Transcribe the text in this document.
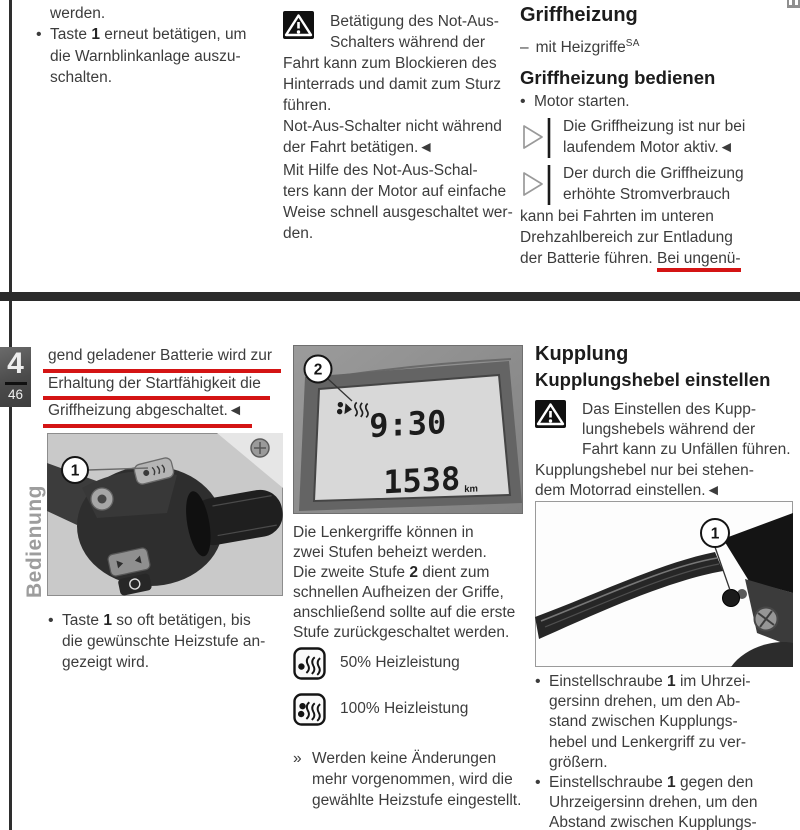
werden.
• Taste 1 erneut betätigen, um
die Warnblinkanlage auszu-
schalten.
Betätigung des Not-Aus-
Schalters während der
Fahrt kann zum Blockieren des
Hinterrads und damit zum Sturz
führen.
Not-Aus-Schalter nicht während
der Fahrt betätigen.◄
Mit Hilfe des Not-Aus-Schal-
ters kann der Motor auf einfache
Weise schnell ausgeschaltet wer-
den.
Griffheizung
– mit Heizgriffe$^{SA}$
Griffheizung bedienen
• Motor starten.
Die Griffheizung ist nur bei
laufendem Motor aktiv.◄
Der durch die Griffheizung
erhöhte Stromverbrauch
kann bei Fahrten im unteren
Drehzahlbereich zur Entladung
der Batterie führen. Bei ungenü-
4
46
Bedienung
gend geladener Batterie wird zur
Erhaltung der Startfähigkeit die
Griffheizung abgeschaltet.◄
1
• Taste 1 so oft betätigen, bis
die gewünschte Heizstufe an-
gezeigt wird.
9:30
1538 km
2
Die Lenkergriffe können in
zwei Stufen beheizt werden.
Die zweite Stufe 2 dient zum
schnellen Aufheizen der Griffe,
anschließend sollte auf die erste
Stufe zurückgeschaltet werden.
50% Heizleistung
100% Heizleistung
» Werden keine Änderungen
mehr vorgenommen, wird die
gewählte Heizstufe eingestellt.
Kupplung
Kupplungshebel einstellen
Das Einstellen des Kupp-
lungshebels während der
Fahrt kann zu Unfällen führen.
Kupplungshebel nur bei stehen-
dem Motorrad einstellen.◄
1
• Einstellschraube 1 im Uhrzei-
gersinn drehen, um den Ab-
stand zwischen Kupplungs-
hebel und Lenkergriff zu ver-
größern.
• Einstellschraube 1 gegen den
Uhrzeigersinn drehen, um den
Abstand zwischen Kupplungs-
